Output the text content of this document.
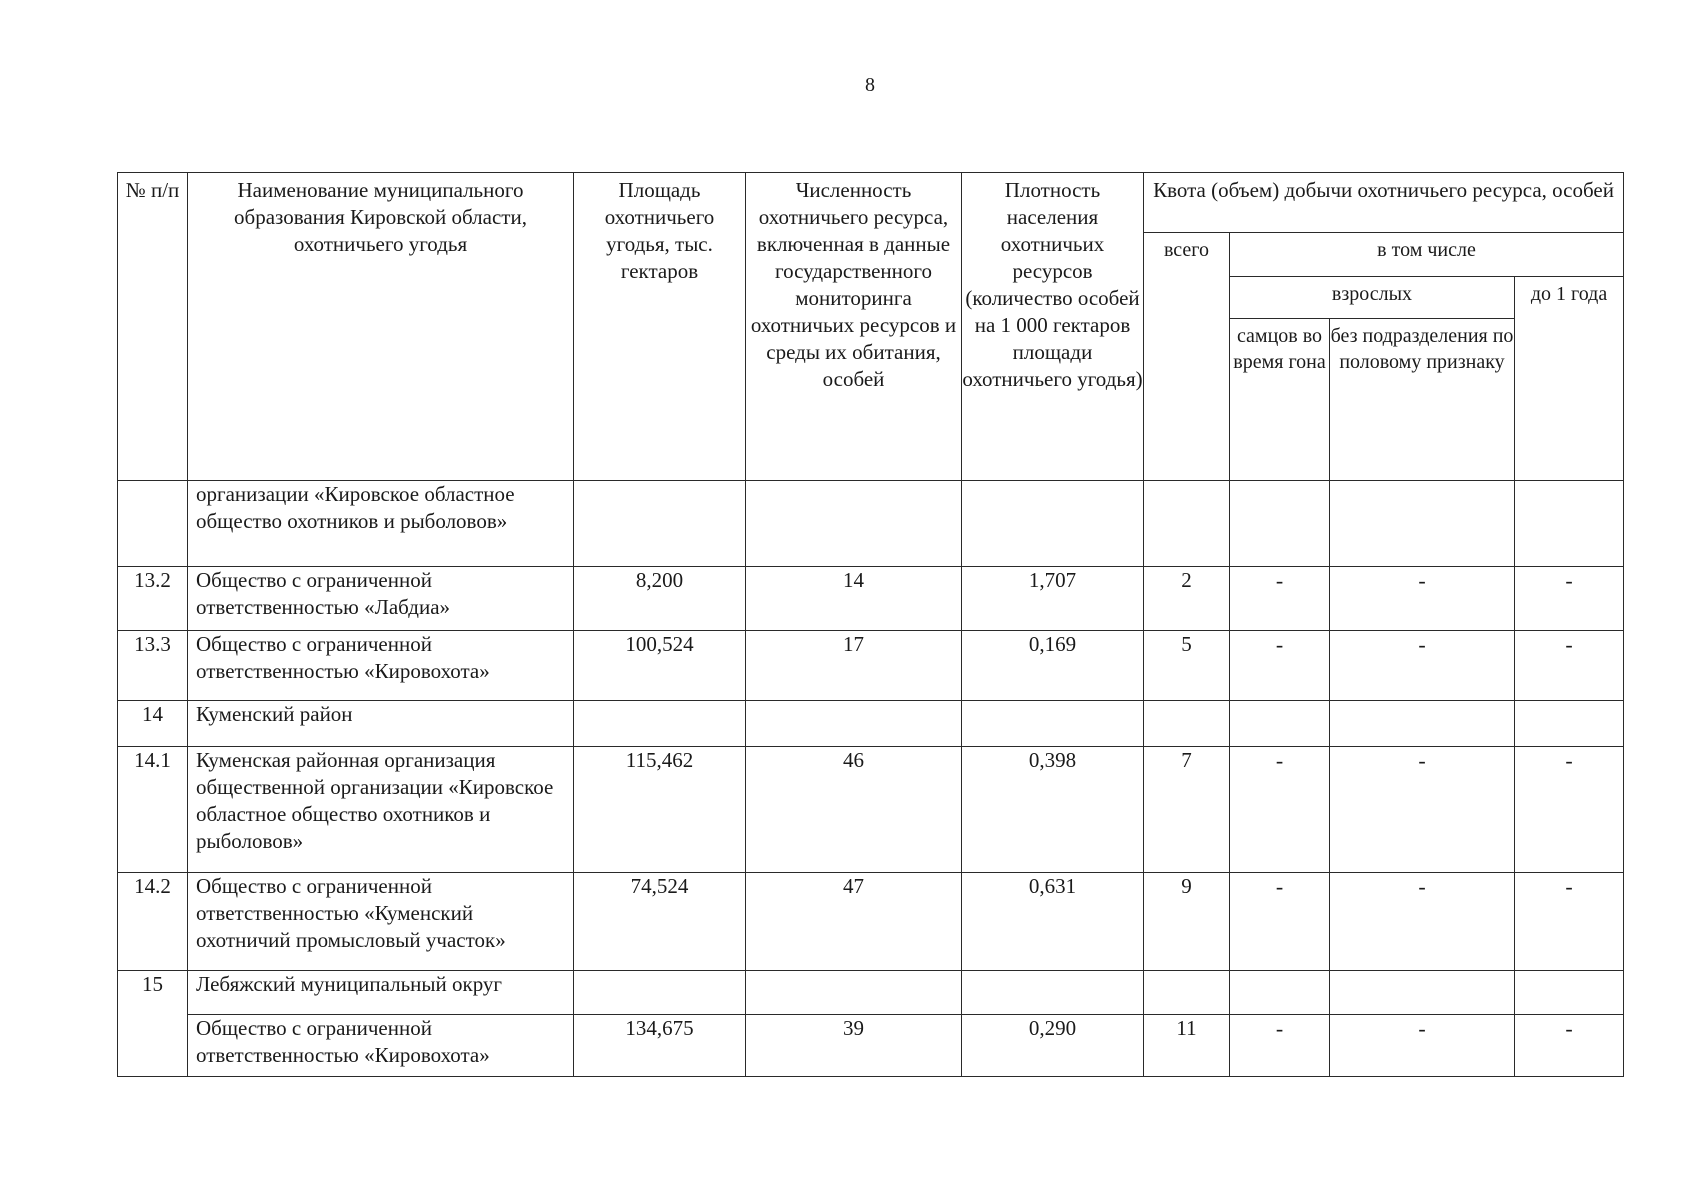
8
№ п/п	Наименование муниципального образования Кировской области, охотничьего угодья	Площадь охотничьего угодья, тыс. гектаров	Численность охотничьего ресурса, включенная в данные государственного мониторинга охотничьих ресурсов и среды их обитания, особей	Плотность населения охотничьих ресурсов (количество особей на 1 000 гектаров площади охотничьего угодья)	Квота (объем) добычи охотничьего ресурса, особей			
					всего	в том числе		
						взрослых		до 1 года
						самцов во время гона	без подразделения по половому признаку	
	организации «Кировское областное общество охотников и рыболовов»							
13.2	Общество с ограниченной ответственностью «Лабдиа»	8,200	14	1,707	2	-	-	-
13.3	Общество с ограниченной ответственностью «Кировохота»	100,524	17	0,169	5	-	-	-
14	Куменский район							
14.1	Куменская районная организация общественной организации «Кировское областное общество охотников и рыболовов»	115,462	46	0,398	7	-	-	-
14.2	Общество с ограниченной ответственностью «Куменский охотничий промысловый участок»	74,524	47	0,631	9	-	-	-
15	Лебяжский муниципальный округ							
	Общество с ограниченной ответственностью «Кировохота»	134,675	39	0,290	11	-	-	-
